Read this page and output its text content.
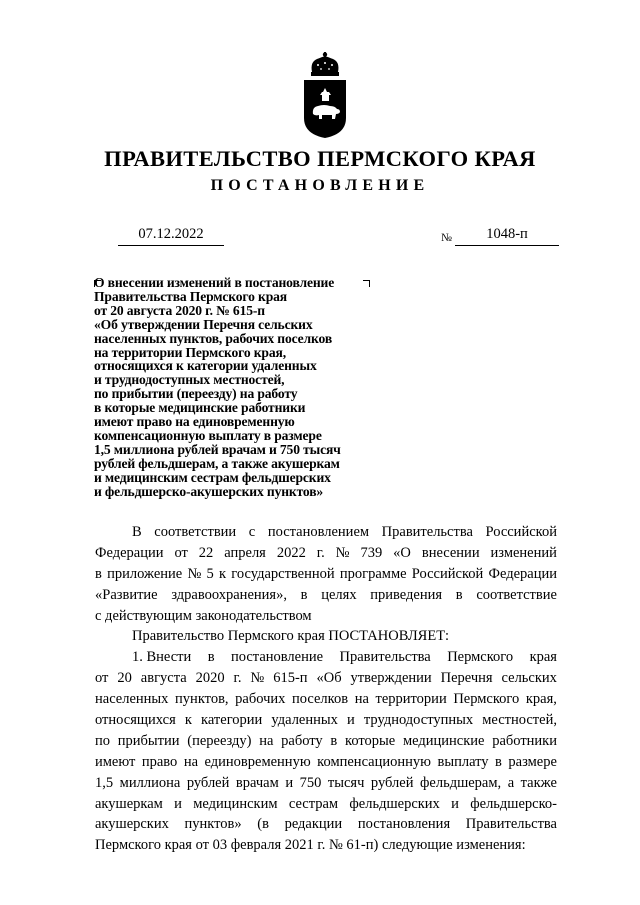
ПРАВИТЕЛЬСТВО ПЕРМСКОГО КРАЯ
ПОСТАНОВЛЕНИЕ
07.12.2022	№	1048-п
О внесении изменений в постановление
Правительства Пермского края
от 20 августа 2020 г. № 615-п
«Об утверждении Перечня сельских
населенных пунктов, рабочих поселков
на территории Пермского края,
относящихся к категории удаленных
и труднодоступных местностей,
по прибытии (переезду) на работу
в которые медицинские работники
имеют право на единовременную
компенсационную выплату в размере
1,5 миллиона рублей врачам и 750 тысяч
рублей фельдшерам, а также акушеркам
и медицинским сестрам фельдшерских
и фельдшерско-акушерских пунктов»
В соответствии с постановлением Правительства Российской
Федерации от 22 апреля 2022 г. № 739 «О внесении изменений
в приложение № 5 к государственной программе Российской Федерации
«Развитие здравоохранения», в целях приведения в соответствие
с действующим законодательством
Правительство Пермского края ПОСТАНОВЛЯЕТ:
1. Внести в постановление Правительства Пермского края
от 20 августа 2020 г. № 615-п «Об утверждении Перечня сельских
населенных пунктов, рабочих поселков на территории Пермского края,
относящихся к категории удаленных и труднодоступных местностей,
по прибытии (переезду) на работу в которые медицинские работники
имеют право на единовременную компенсационную выплату в размере
1,5 миллиона рублей врачам и 750 тысяч рублей фельдшерам, а также
акушеркам и медицинским сестрам фельдшерских и фельдшерско-
акушерских пунктов» (в редакции постановления Правительства
Пермского края от 03 февраля 2021 г. № 61-п) следующие изменения:
